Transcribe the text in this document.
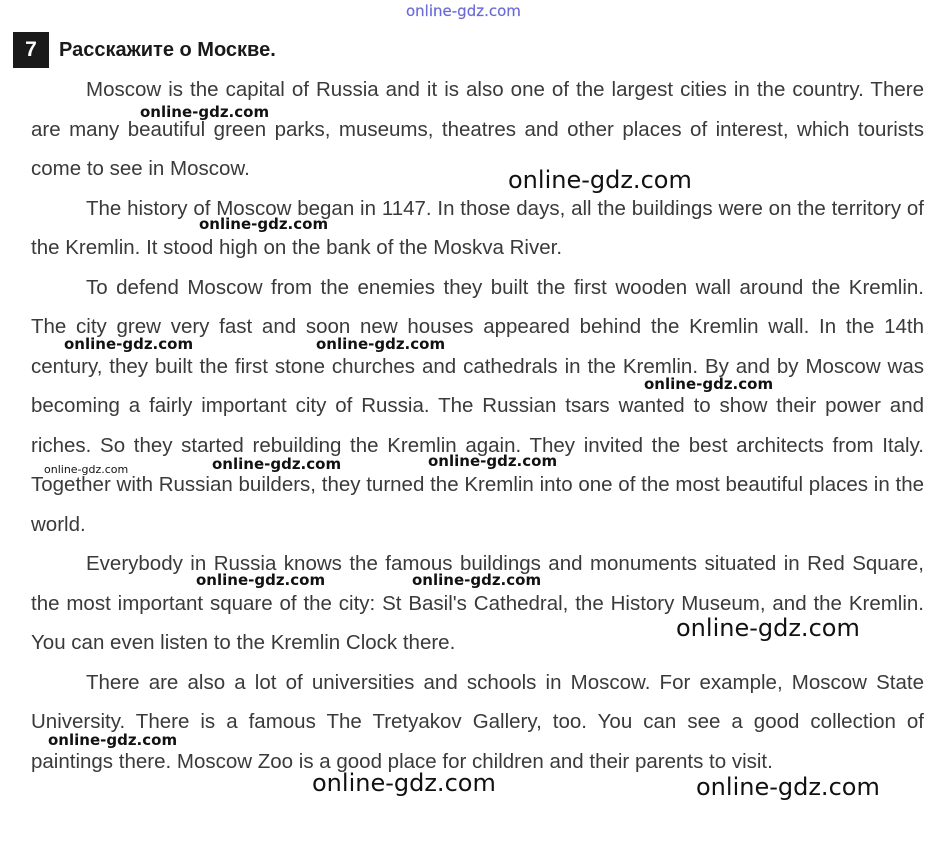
7	Расскажите о Москве.

Moscow is the capital of Russia and it is also one of the largest cities in the country. There are many beautiful green parks, museums, theatres and other places of interest, which tourists come to see in Moscow.

The history of Moscow began in 1147. In those days, all the buildings were on the territory of the Kremlin. It stood high on the bank of the Moskva River.

To defend Moscow from the enemies they built the first wooden wall around the Kremlin. The city grew very fast and soon new houses appeared behind the Kremlin wall. In the 14th century, they built the first stone churches and cathedrals in the Kremlin. By and by Moscow was becoming a fairly important city of Russia. The Russian tsars wanted to show their power and riches. So they started rebuilding the Kremlin again. They invited the best architects from Italy. Together with Russian builders, they turned the Kremlin into one of the most beautiful places in the world.

Everybody in Russia knows the famous buildings and monuments situated in Red Square, the most important square of the city: St Basil's Cathedral, the History Museum, and the Kremlin. You can even listen to the Kremlin Clock there.

There are also a lot of universities and schools in Moscow. For example, Moscow State University. There is a famous The Tretyakov Gallery, too. You can see a good collection of paintings there. Moscow Zoo is a good place for children and their parents to visit.

online-gdz.com
online-gdz.com
online-gdz.com
online-gdz.com
online-gdz.com	online-gdz.com
online-gdz.com
online-gdz.com
online-gdz.com	online-gdz.com
online-gdz.com	online-gdz.com
online-gdz.com
online-gdz.com
online-gdz.com	online-gdz.com
